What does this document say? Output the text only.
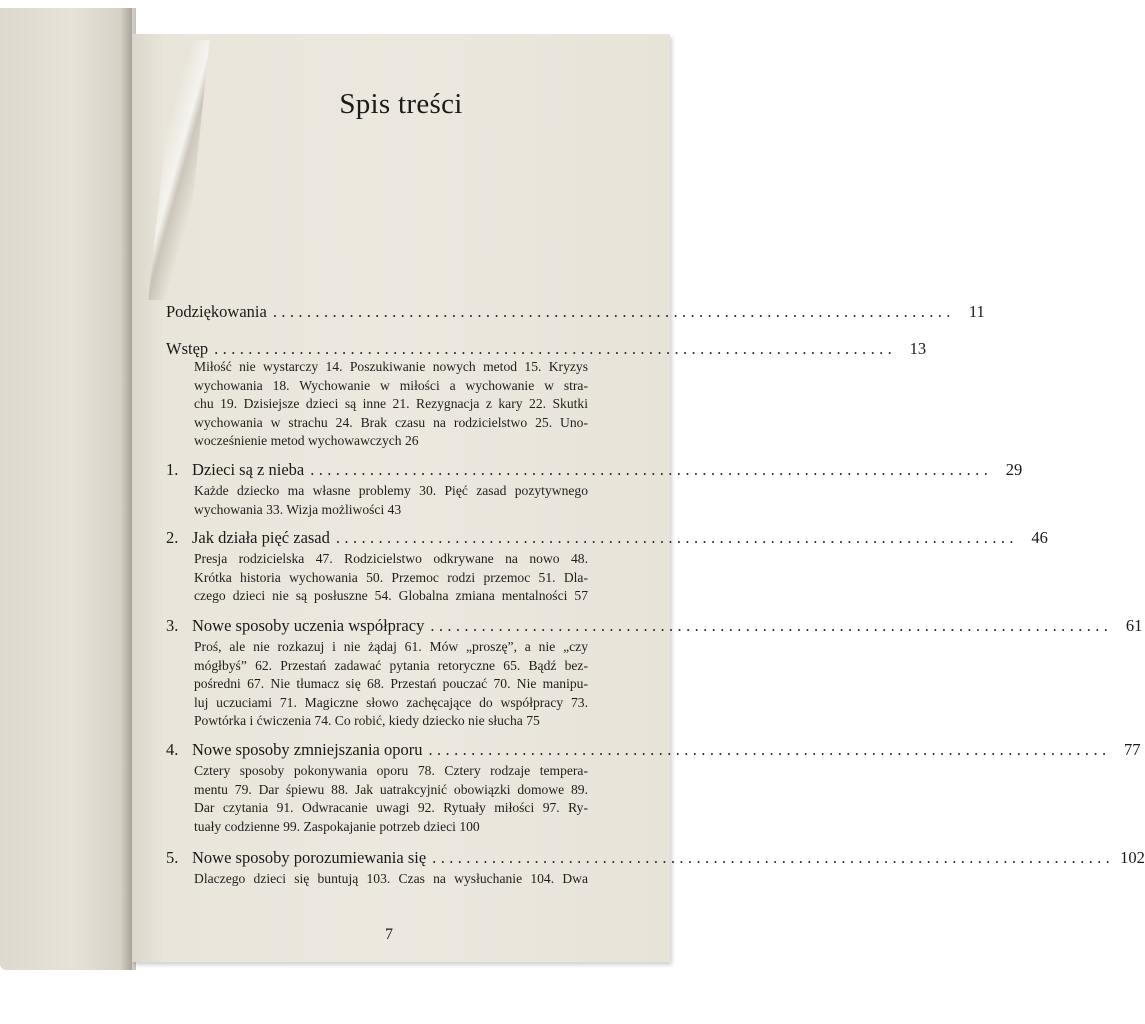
Spis treści
Podziękowania ................................................................................ 11
Wstęp ................................................................................ 13
Miłość nie wystarczy 14. Poszukiwanie nowych metod 15. Kryzys
wychowania 18. Wychowanie w miłości a wychowanie w stra-
chu 19. Dzisiejsze dzieci są inne 21. Rezygnacja z kary 22. Skutki
wychowania w strachu 24. Brak czasu na rodzicielstwo 25. Uno-
wocześnienie metod wychowawczych 26
1. Dzieci są z nieba ................................................................................ 29
Każde dziecko ma własne problemy 30. Pięć zasad pozytywnego
wychowania 33. Wizja możliwości 43
2. Jak działa pięć zasad ................................................................................ 46
Presja rodzicielska 47. Rodzicielstwo odkrywane na nowo 48.
Krótka historia wychowania 50. Przemoc rodzi przemoc 51. Dla-
czego dzieci nie są posłuszne 54. Globalna zmiana mentalności 57
3. Nowe sposoby uczenia współpracy ................................................................................ 61
Proś, ale nie rozkazuj i nie żądaj 61. Mów „proszę”, a nie „czy
mógłbyś” 62. Przestań zadawać pytania retoryczne 65. Bądź bez-
pośredni 67. Nie tłumacz się 68. Przestań pouczać 70. Nie manipu-
luj uczuciami 71. Magiczne słowo zachęcające do współpracy 73.
Powtórka i ćwiczenia 74. Co robić, kiedy dziecko nie słucha 75
4. Nowe sposoby zmniejszania oporu ................................................................................ 77
Cztery sposoby pokonywania oporu 78. Cztery rodzaje tempera-
mentu 79. Dar śpiewu 88. Jak uatrakcyjnić obowiązki domowe 89.
Dar czytania 91. Odwracanie uwagi 92. Rytuały miłości 97. Ry-
tuały codzienne 99. Zaspokajanie potrzeb dzieci 100
5. Nowe sposoby porozumiewania się ................................................................................ 102
Dlaczego dzieci się buntują 103. Czas na wysłuchanie 104. Dwa
7
